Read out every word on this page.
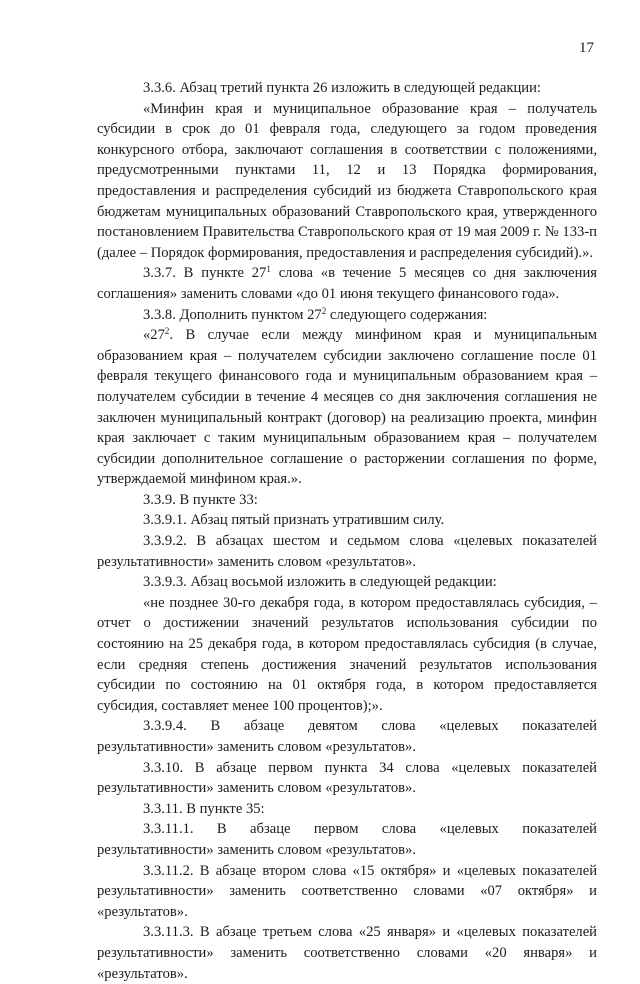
17

3.3.6. Абзац третий пункта 26 изложить в следующей редакции:

«Минфин края и муниципальное образование края – получатель субсидии в срок до 01 февраля года, следующего за годом проведения конкурсного отбора, заключают соглашения в соответствии с положениями, предусмотренными пунктами 11, 12 и 13 Порядка формирования, предоставления и распределения субсидий из бюджета Ставропольского края бюджетам муниципальных образований Ставропольского края, утвержденного постановлением Правительства Ставропольского края от 19 мая 2009 г. № 133-п (далее – Порядок формирования, предоставления и распределения субсидий).».

3.3.7. В пункте $27^1$ слова «в течение 5 месяцев со дня заключения соглашения» заменить словами «до 01 июня текущего финансового года».

3.3.8. Дополнить пунктом $27^2$ следующего содержания:

«$27^2$. В случае если между минфином края и муниципальным образованием края – получателем субсидии заключено соглашение после 01 февраля текущего финансового года и муниципальным образованием края – получателем субсидии в течение 4 месяцев со дня заключения соглашения не заключен муниципальный контракт (договор) на реализацию проекта, минфин края заключает с таким муниципальным образованием края – получателем субсидии дополнительное соглашение о расторжении соглашения по форме, утверждаемой минфином края.».

3.3.9. В пункте 33:

3.3.9.1. Абзац пятый признать утратившим силу.

3.3.9.2. В абзацах шестом и седьмом слова «целевых показателей результативности» заменить словом «результатов».

3.3.9.3. Абзац восьмой изложить в следующей редакции:

«не позднее 30-го декабря года, в котором предоставлялась субсидия, – отчет о достижении значений результатов использования субсидии по состоянию на 25 декабря года, в котором предоставлялась субсидия (в случае, если средняя степень достижения значений результатов использования субсидии по состоянию на 01 октября года, в котором предоставляется субсидия, составляет менее 100 процентов);».

3.3.9.4. В абзаце девятом слова «целевых показателей результативности» заменить словом «результатов».

3.3.10. В абзаце первом пункта 34 слова «целевых показателей результативности» заменить словом «результатов».

3.3.11. В пункте 35:

3.3.11.1. В абзаце первом слова «целевых показателей результативности» заменить словом «результатов».

3.3.11.2. В абзаце втором слова «15 октября» и «целевых показателей результативности» заменить соответственно словами «07 октября» и «результатов».

3.3.11.3. В абзаце третьем слова «25 января» и «целевых показателей результативности» заменить соответственно словами «20 января» и «результатов».
